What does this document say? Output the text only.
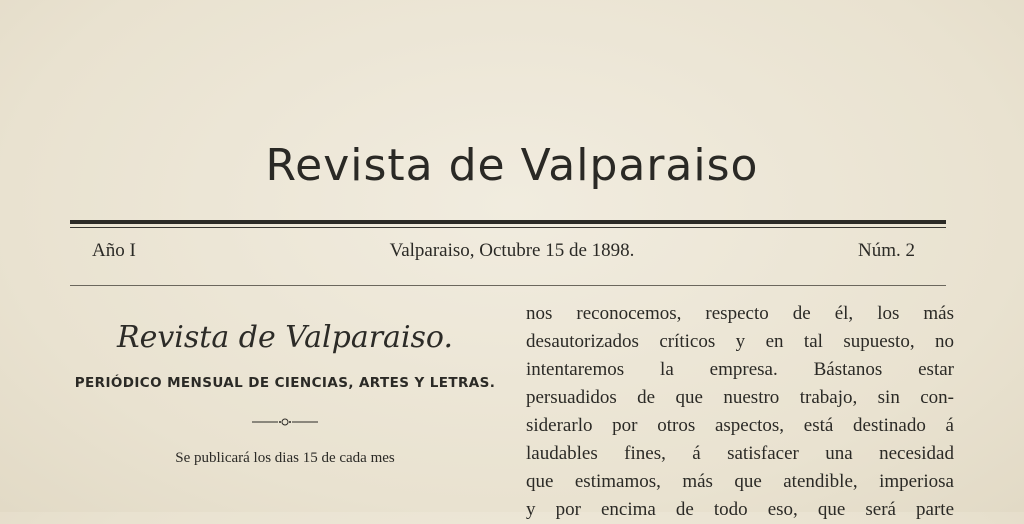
Revista de Valparaiso
Año I	Valparaiso, Octubre 15 de 1898.	Núm. 2
Revista de Valparaiso.
PERIÓDICO MENSUAL DE CIENCIAS, ARTES Y LETRAS.
Se publicará los dias 15 de cada mes
nos reconocemos, respecto de él, los más
desautorizados críticos y en tal supuesto, no
intentaremos la empresa. Bástanos estar
persuadidos de que nuestro trabajo, sin con-
siderarlo por otros aspectos, está destinado á
laudables fines, á satisfacer una necesidad
que estimamos, más que atendible, imperiosa
y por encima de todo eso, que será parte
